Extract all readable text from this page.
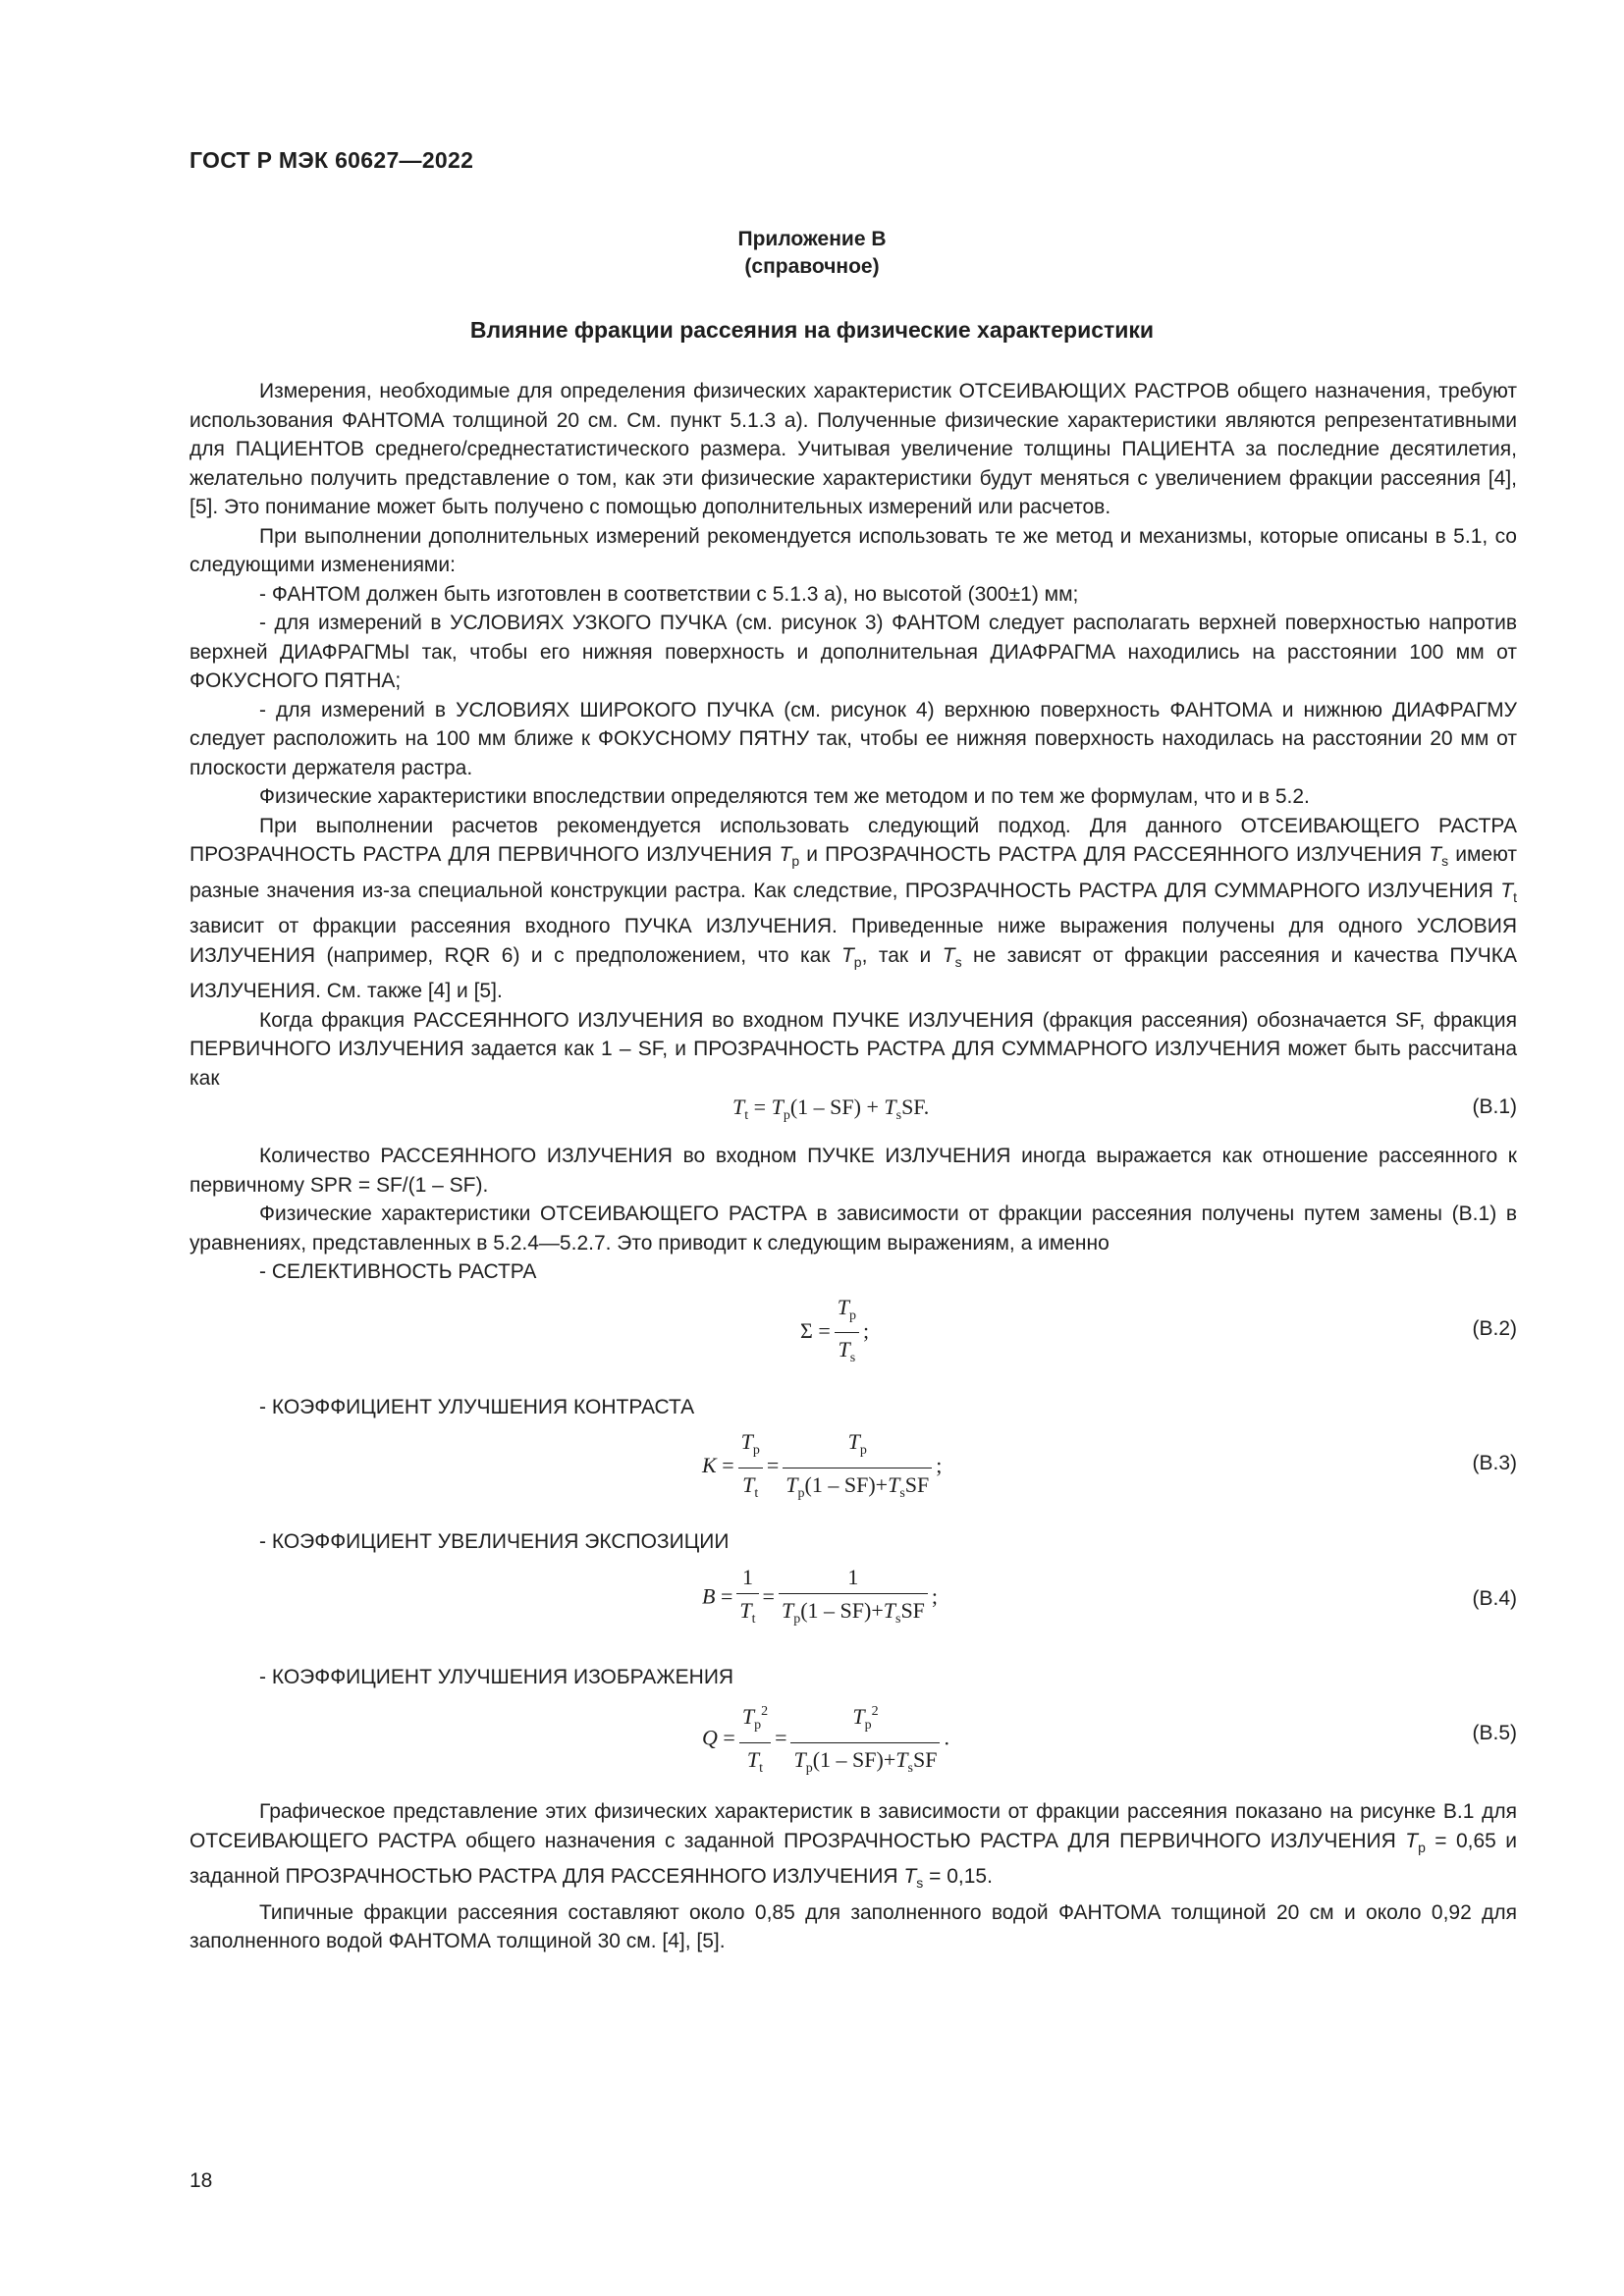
ГОСТ Р МЭК 60627—2022
Приложение В
(справочное)
Влияние фракции рассеяния на физические характеристики

Измерения, необходимые для определения физических характеристик ОТСЕИВАЮЩИХ РАСТРОВ общего назначения, требуют использования ФАНТОМА толщиной 20 см. См. пункт 5.1.3 а). Полученные физические характеристики являются репрезентативными для ПАЦИЕНТОВ среднего/среднестатистического размера. Учитывая увеличение толщины ПАЦИЕНТА за последние десятилетия, желательно получить представление о том, как эти физические характеристики будут меняться с увеличением фракции рассеяния [4], [5]. Это понимание может быть получено с помощью дополнительных измерений или расчетов.

При выполнении дополнительных измерений рекомендуется использовать те же метод и механизмы, которые описаны в 5.1, со следующими изменениями:

- ФАНТОМ должен быть изготовлен в соответствии с 5.1.3 а), но высотой (300±1) мм;

- для измерений в УСЛОВИЯХ УЗКОГО ПУЧКА (см. рисунок 3) ФАНТОМ следует располагать верхней поверхностью напротив верхней ДИАФРАГМЫ так, чтобы его нижняя поверхность и дополнительная ДИАФРАГМА находились на расстоянии 100 мм от ФОКУСНОГО ПЯТНА;

- для измерений в УСЛОВИЯХ ШИРОКОГО ПУЧКА (см. рисунок 4) верхнюю поверхность ФАНТОМА и нижнюю ДИАФРАГМУ следует расположить на 100 мм ближе к ФОКУСНОМУ ПЯТНУ так, чтобы ее нижняя поверхность находилась на расстоянии 20 мм от плоскости держателя растра.

Физические характеристики впоследствии определяются тем же методом и по тем же формулам, что и в 5.2.

При выполнении расчетов рекомендуется использовать следующий подход. Для данного ОТСЕИВАЮЩЕГО РАСТРА ПРОЗРАЧНОСТЬ РАСТРА ДЛЯ ПЕРВИЧНОГО ИЗЛУЧЕНИЯ $T_p$ и ПРОЗРАЧНОСТЬ РАСТРА ДЛЯ РАССЕЯННОГО ИЗЛУЧЕНИЯ $T_s$ имеют разные значения из-за специальной конструкции растра. Как следствие, ПРОЗРАЧНОСТЬ РАСТРА ДЛЯ СУММАРНОГО ИЗЛУЧЕНИЯ $T_t$ зависит от фракции рассеяния входного ПУЧКА ИЗЛУЧЕНИЯ. Приведенные ниже выражения получены для одного УСЛОВИЯ ИЗЛУЧЕНИЯ (например, RQR 6) и с предположением, что как $T_p$, так и $T_s$ не зависят от фракции рассеяния и качества ПУЧКА ИЗЛУЧЕНИЯ. См. также [4] и [5].

Когда фракция РАССЕЯННОГО ИЗЛУЧЕНИЯ во входном ПУЧКЕ ИЗЛУЧЕНИЯ (фракция рассеяния) обозначается SF, фракция ПЕРВИЧНОГО ИЗЛУЧЕНИЯ задается как 1 – SF, и ПРОЗРАЧНОСТЬ РАСТРА ДЛЯ СУММАРНОГО ИЗЛУЧЕНИЯ может быть рассчитана как

$T_t = T_p(1 - SF) + T_sSF$.	(В.1)

Количество РАССЕЯННОГО ИЗЛУЧЕНИЯ во входном ПУЧКЕ ИЗЛУЧЕНИЯ иногда выражается как отношение рассеянного к первичному SPR = SF/(1 – SF).

Физические характеристики ОТСЕИВАЮЩЕГО РАСТРА в зависимости от фракции рассеяния получены путем замены (В.1) в уравнениях, представленных в 5.2.4—5.2.7. Это приводит к следующим выражениям, а именно

- СЕЛЕКТИВНОСТЬ РАСТРА

$\Sigma = \frac{T_p}{T_s}$ ;	(В.2)

- КОЭФФИЦИЕНТ УЛУЧШЕНИЯ КОНТРАСТА

$K = \frac{T_p}{T_t} = \frac{T_p}{T_p(1 - SF)+T_sSF}$ ;	(В.3)

- КОЭФФИЦИЕНТ УВЕЛИЧЕНИЯ ЭКСПОЗИЦИИ

$B = \frac{1}{T_t} = \frac{1}{T_p(1 - SF)+T_sSF}$ ;	(В.4)

- КОЭФФИЦИЕНТ УЛУЧШЕНИЯ ИЗОБРАЖЕНИЯ

$Q = \frac{T_p^2}{T_t} = \frac{T_p^2}{T_p(1 - SF)+T_sSF}$ .	(В.5)

Графическое представление этих физических характеристик в зависимости от фракции рассеяния показано на рисунке В.1 для ОТСЕИВАЮЩЕГО РАСТРА общего назначения с заданной ПРОЗРАЧНОСТЬЮ РАСТРА ДЛЯ ПЕРВИЧНОГО ИЗЛУЧЕНИЯ $T_p = 0,65$ и заданной ПРОЗРАЧНОСТЬЮ РАСТРА ДЛЯ РАССЕЯННОГО ИЗЛУЧЕНИЯ $T_s = 0,15$.

Типичные фракции рассеяния составляют около 0,85 для заполненного водой ФАНТОМА толщиной 20 см и около 0,92 для заполненного водой ФАНТОМА толщиной 30 см. [4], [5].

18
